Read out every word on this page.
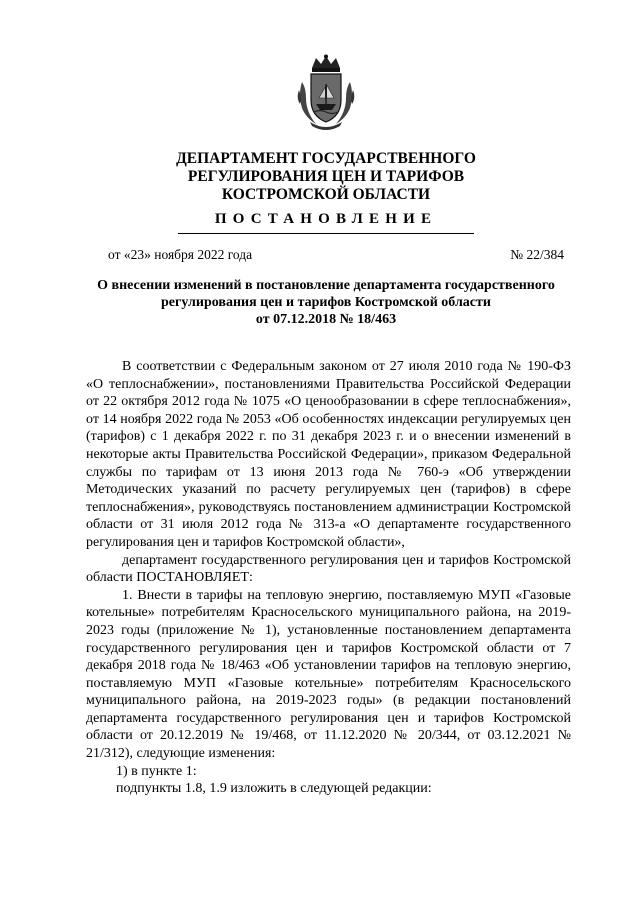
ДЕПАРТАМЕНТ ГОСУДАРСТВЕННОГО
РЕГУЛИРОВАНИЯ ЦЕН И ТАРИФОВ
КОСТРОМСКОЙ ОБЛАСТИ
ПОСТАНОВЛЕНИЕ
от «23» ноября 2022 года	№ 22/384
О внесении изменений в постановление департамента государственного
регулирования цен и тарифов Костромской области
от 07.12.2018 № 18/463

В соответствии с Федеральным законом от 27 июля 2010 года № 190-ФЗ «О теплоснабжении», постановлениями Правительства Российской Федерации от 22 октября 2012 года № 1075 «О ценообразовании в сфере теплоснабжения», от 14 ноября 2022 года № 2053 «Об особенностях индексации регулируемых цен (тарифов) с 1 декабря 2022 г. по 31 декабря 2023 г. и о внесении изменений в некоторые акты Правительства Российской Федерации», приказом Федеральной службы по тарифам от 13 июня 2013 года № 760-э «Об утверждении Методических указаний по расчету регулируемых цен (тарифов) в сфере теплоснабжения», руководствуясь постановлением администрации Костромской области от 31 июля 2012 года № 313-а «О департаменте государственного регулирования цен и тарифов Костромской области»,

департамент государственного регулирования цен и тарифов Костромской области ПОСТАНОВЛЯЕТ:

1. Внести в тарифы на тепловую энергию, поставляемую МУП «Газовые котельные» потребителям Красносельского муниципального района, на 2019-2023 годы (приложение № 1), установленные постановлением департамента государственного регулирования цен и тарифов Костромской области от 7 декабря 2018 года № 18/463 «Об установлении тарифов на тепловую энергию, поставляемую МУП «Газовые котельные» потребителям Красносельского муниципального района, на 2019-2023 годы» (в редакции постановлений департамента государственного регулирования цен и тарифов Костромской области от 20.12.2019 № 19/468, от 11.12.2020 № 20/344, от 03.12.2021 № 21/312), следующие изменения:

1) в пункте 1:

подпункты 1.8, 1.9 изложить в следующей редакции:
